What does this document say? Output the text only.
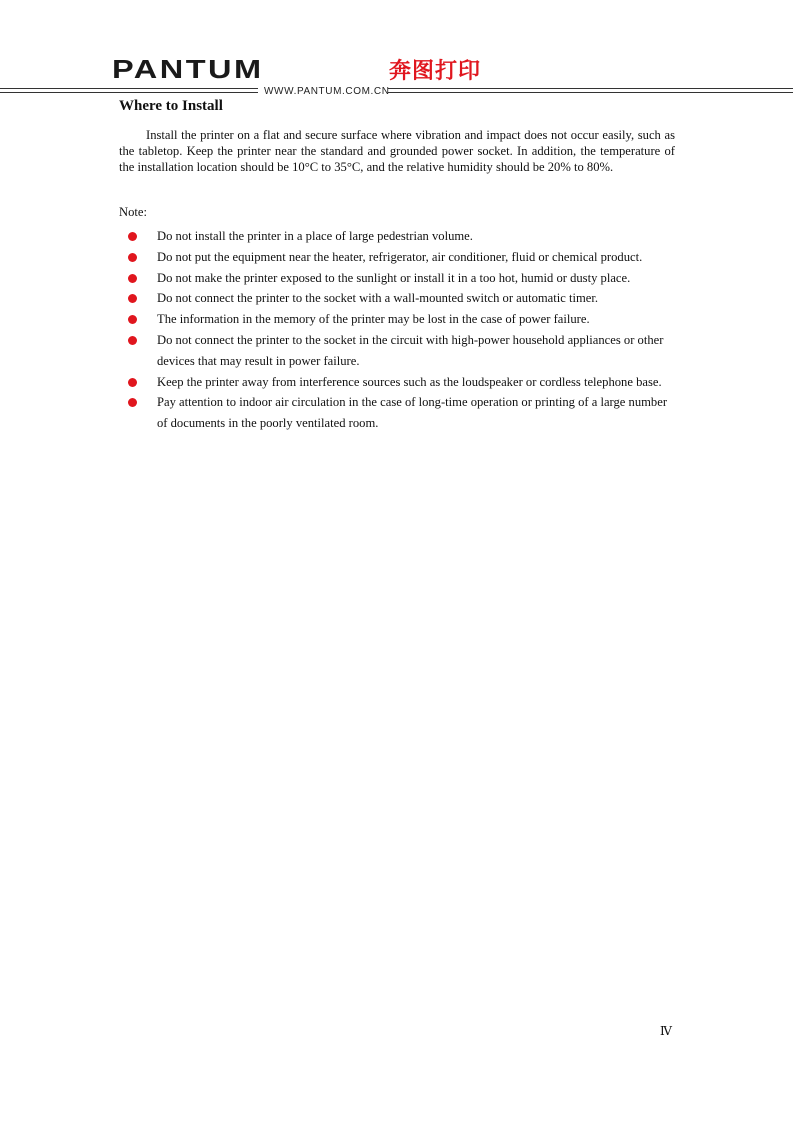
PANTUM	奔图打印
WWW.PANTUM.COM.CN
Where to Install

Install the printer on a flat and secure surface where vibration and impact does not occur easily, such as the tabletop. Keep the printer near the standard and grounded power socket. In addition, the temperature of the installation location should be 10°C to 35°C, and the relative humidity should be 20% to 80%.

Note:

Do not install the printer in a place of large pedestrian volume.
Do not put the equipment near the heater, refrigerator, air conditioner, fluid or chemical product.
Do not make the printer exposed to the sunlight or install it in a too hot, humid or dusty place.
Do not connect the printer to the socket with a wall-mounted switch or automatic timer.
The information in the memory of the printer may be lost in the case of power failure.
Do not connect the printer to the socket in the circuit with high-power household appliances or other devices that may result in power failure.
Keep the printer away from interference sources such as the loudspeaker or cordless telephone base.
Pay attention to indoor air circulation in the case of long-time operation or printing of a large number of documents in the poorly ventilated room.
Ⅳ
